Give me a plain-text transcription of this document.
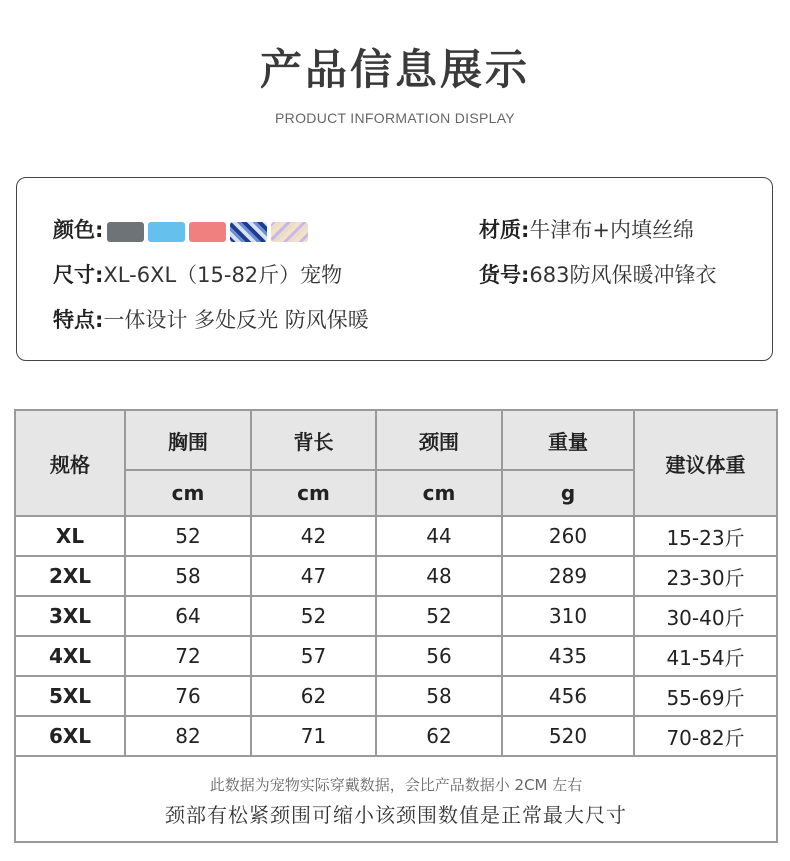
产品信息展示
PRODUCT INFORMATION DISPLAY
颜色:
尺寸:XL-6XL（15-82斤）宠物
特点:一体设计 多处反光 防风保暖
材质:牛津布+内填丝绵
货号:683防风保暖冲锋衣
规格	胸围	背长	颈围	重量	建议体重
	cm	cm	cm	g	
XL	52	42	44	260	15-23斤
2XL	58	47	48	289	23-30斤
3XL	64	52	52	310	30-40斤
4XL	72	57	56	435	41-54斤
5XL	76	62	58	456	55-69斤
6XL	82	71	62	520	70-82斤

此数据为宠物实际穿戴数据，会比产品数据小 2CM 左右
颈部有松紧颈围可缩小该颈围数值是正常最大尺寸					
